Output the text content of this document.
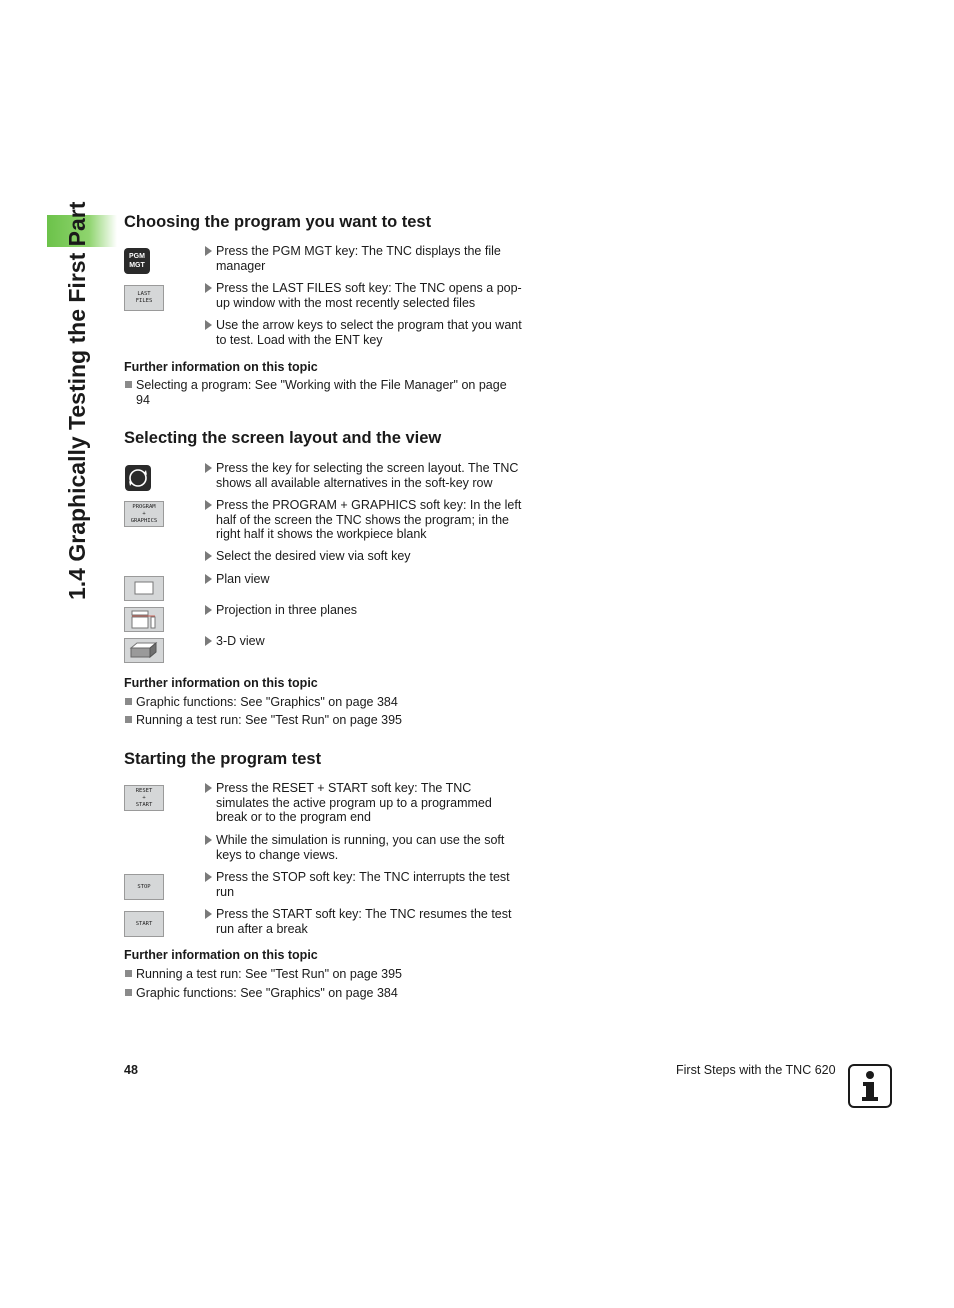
1.4 Graphically Testing the First Part Choosing the program you want to test
PGM
MGT
LAST
FILES
Press the PGM MGT key: The TNC displays the file manager
Press the LAST FILES soft key: The TNC opens a pop-up window with the most recently selected files
Use the arrow keys to select the program that you want to test. Load with the ENT key
Further information on this topic
Selecting a program: See "Working with the File Manager" on page 94
Selecting the screen layout and the view
PROGRAM
+
GRAPHICS
Press the key for selecting the screen layout. The TNC shows all available alternatives in the soft-key row
Press the PROGRAM + GRAPHICS soft key: In the left half of the screen the TNC shows the program; in the right half it shows the workpiece blank
Select the desired view via soft key
Plan view
Projection in three planes
3-D view
Further information on this topic
Graphic functions: See "Graphics" on page 384
Running a test run: See "Test Run" on page 395
Starting the program test
RESET
+
START
STOP
START
Press the RESET + START soft key: The TNC simulates the active program up to a programmed break or to the program end
While the simulation is running, you can use the soft keys to change views.
Press the STOP soft key: The TNC interrupts the test run
Press the START soft key: The TNC resumes the test run after a break
Further information on this topic
Running a test run: See "Test Run" on page 395
Graphic functions: See "Graphics" on page 384
48	First Steps with the TNC 620
